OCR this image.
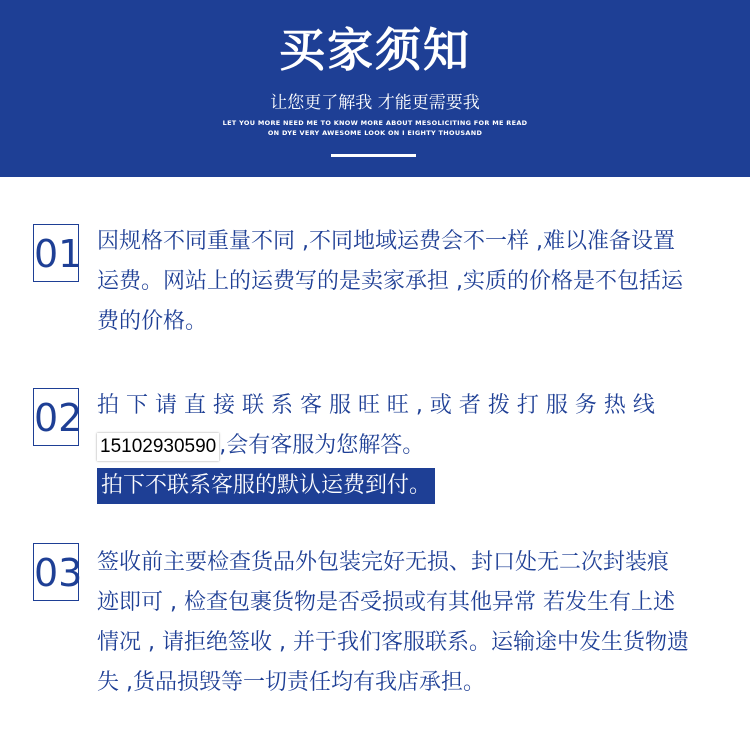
买家须知
让您更了解我 才能更需要我
LET YOU MORE NEED ME TO KNOW MORE ABOUT MESOLICITING FOR ME READ
ON DYE VERY AWESOME LOOK ON I EIGHTY THOUSAND
01 因规格不同重量不同 ,不同地域运费会不一样 ,难以准备设置
运费。网站上的运费写的是卖家承担 ,实质的价格是不包括运
费的价格。
02 拍 下 请 直 接 联 系 客 服 旺 旺 , 或 者 拨 打 服 务 热 线
15102930590 ,会有客服为您解答。
拍下不联系客服的默认运费到付。
03 签收前主要检查货品外包装完好无损、封口处无二次封装痕
迹即可 , 检查包裹货物是否受损或有其他异常 若发生有上述
情况 , 请拒绝签收 , 并于我们客服联系。运输途中发生货物遗
失 ,货品损毁等一切责任均有我店承担。
